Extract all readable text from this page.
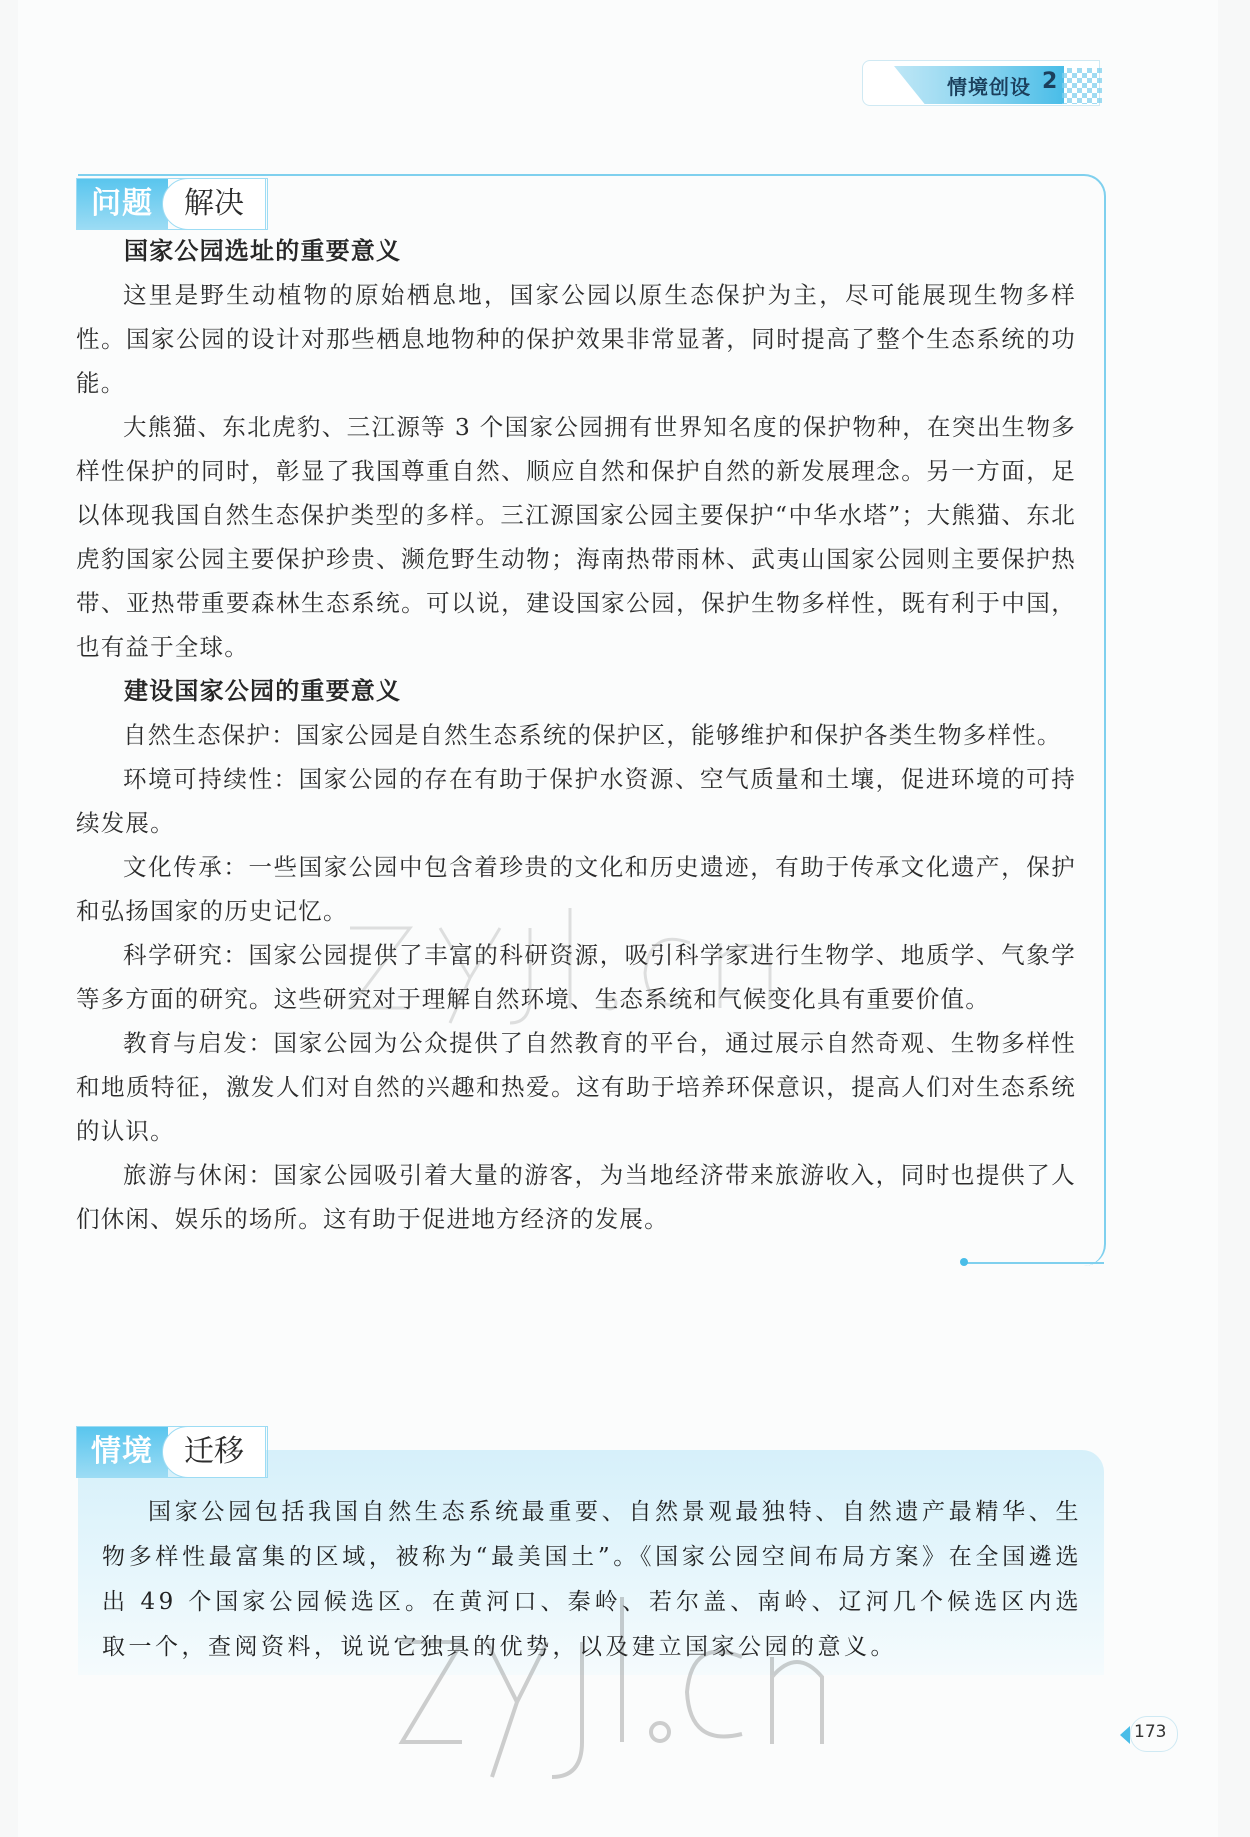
情境创设 2
问题	解决
国家公园选址的重要意义

这里是野生动植物的原始栖息地，国家公园以原生态保护为主，尽可能展现生物多样性。国家公园的设计对那些栖息地物种的保护效果非常显著，同时提高了整个生态系统的功能。

大熊猫、东北虎豹、三江源等 3 个国家公园拥有世界知名度的保护物种，在突出生物多样性保护的同时，彰显了我国尊重自然、顺应自然和保护自然的新发展理念。另一方面，足以体现我国自然生态保护类型的多样。三江源国家公园主要保护“中华水塔”；大熊猫、东北虎豹国家公园主要保护珍贵、濒危野生动物；海南热带雨林、武夷山国家公园则主要保护热带、亚热带重要森林生态系统。可以说，建设国家公园，保护生物多样性，既有利于中国，也有益于全球。

建设国家公园的重要意义

自然生态保护：国家公园是自然生态系统的保护区，能够维护和保护各类生物多样性。

环境可持续性：国家公园的存在有助于保护水资源、空气质量和土壤，促进环境的可持续发展。

文化传承：一些国家公园中包含着珍贵的文化和历史遗迹，有助于传承文化遗产，保护和弘扬国家的历史记忆。

科学研究：国家公园提供了丰富的科研资源，吸引科学家进行生物学、地质学、气象学等多方面的研究。这些研究对于理解自然环境、生态系统和气候变化具有重要价值。

教育与启发：国家公园为公众提供了自然教育的平台，通过展示自然奇观、生物多样性和地质特征，激发人们对自然的兴趣和热爱。这有助于培养环保意识，提高人们对生态系统的认识。

旅游与休闲：国家公园吸引着大量的游客，为当地经济带来旅游收入，同时也提供了人们休闲、娱乐的场所。这有助于促进地方经济的发展。

情境	迁移

国家公园包括我国自然生态系统最重要、自然景观最独特、自然遗产最精华、生物多样性最富集的区域，被称为“最美国土”。《国家公园空间布局方案》在全国遴选出 49 个国家公园候选区。在黄河口、秦岭、若尔盖、南岭、辽河几个候选区内选取一个，查阅资料，说说它独具的优势，以及建立国家公园的意义。

173
